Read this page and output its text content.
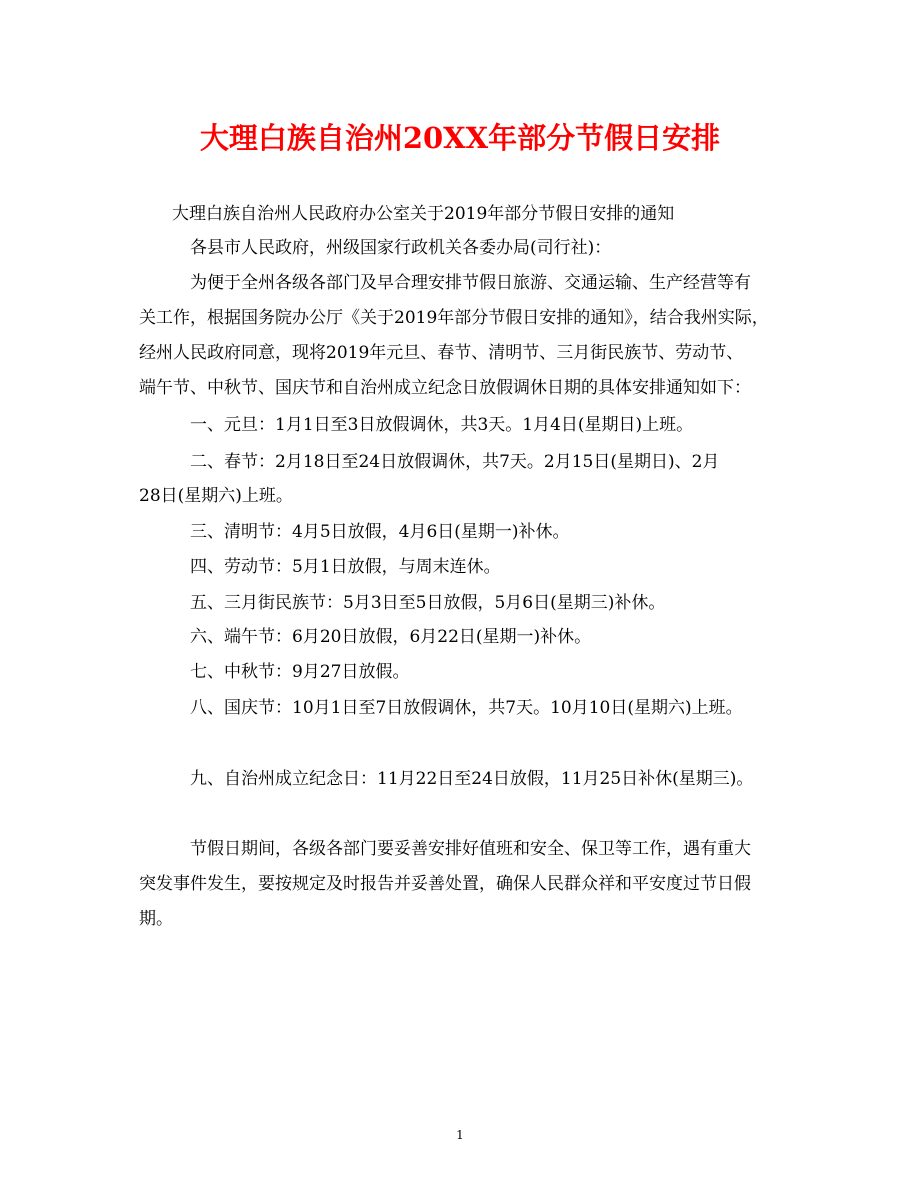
大理白族自治州20XX年部分节假日安排
大理白族自治州人民政府办公室关于2019年部分节假日安排的通知
各县市人民政府，州级国家行政机关各委办局(司行社)：
为便于全州各级各部门及早合理安排节假日旅游、交通运输、生产经营等有
关工作，根据国务院办公厅《关于2019年部分节假日安排的通知》，结合我州实际，
经州人民政府同意，现将2019年元旦、春节、清明节、三月街民族节、劳动节、
端午节、中秋节、国庆节和自治州成立纪念日放假调休日期的具体安排通知如下：
一、元旦：1月1日至3日放假调休，共3天。1月4日(星期日)上班。
二、春节：2月18日至24日放假调休，共7天。2月15日(星期日)、2月
28日(星期六)上班。
三、清明节：4月5日放假，4月6日(星期一)补休。
四、劳动节：5月1日放假，与周末连休。
五、三月街民族节：5月3日至5日放假，5月6日(星期三)补休。
六、端午节：6月20日放假，6月22日(星期一)补休。
七、中秋节：9月27日放假。
八、国庆节：10月1日至7日放假调休，共7天。10月10日(星期六)上班。
九、自治州成立纪念日：11月22日至24日放假，11月25日补休(星期三)。
节假日期间，各级各部门要妥善安排好值班和安全、保卫等工作，遇有重大
突发事件发生，要按规定及时报告并妥善处置，确保人民群众祥和平安度过节日假
期。
1
